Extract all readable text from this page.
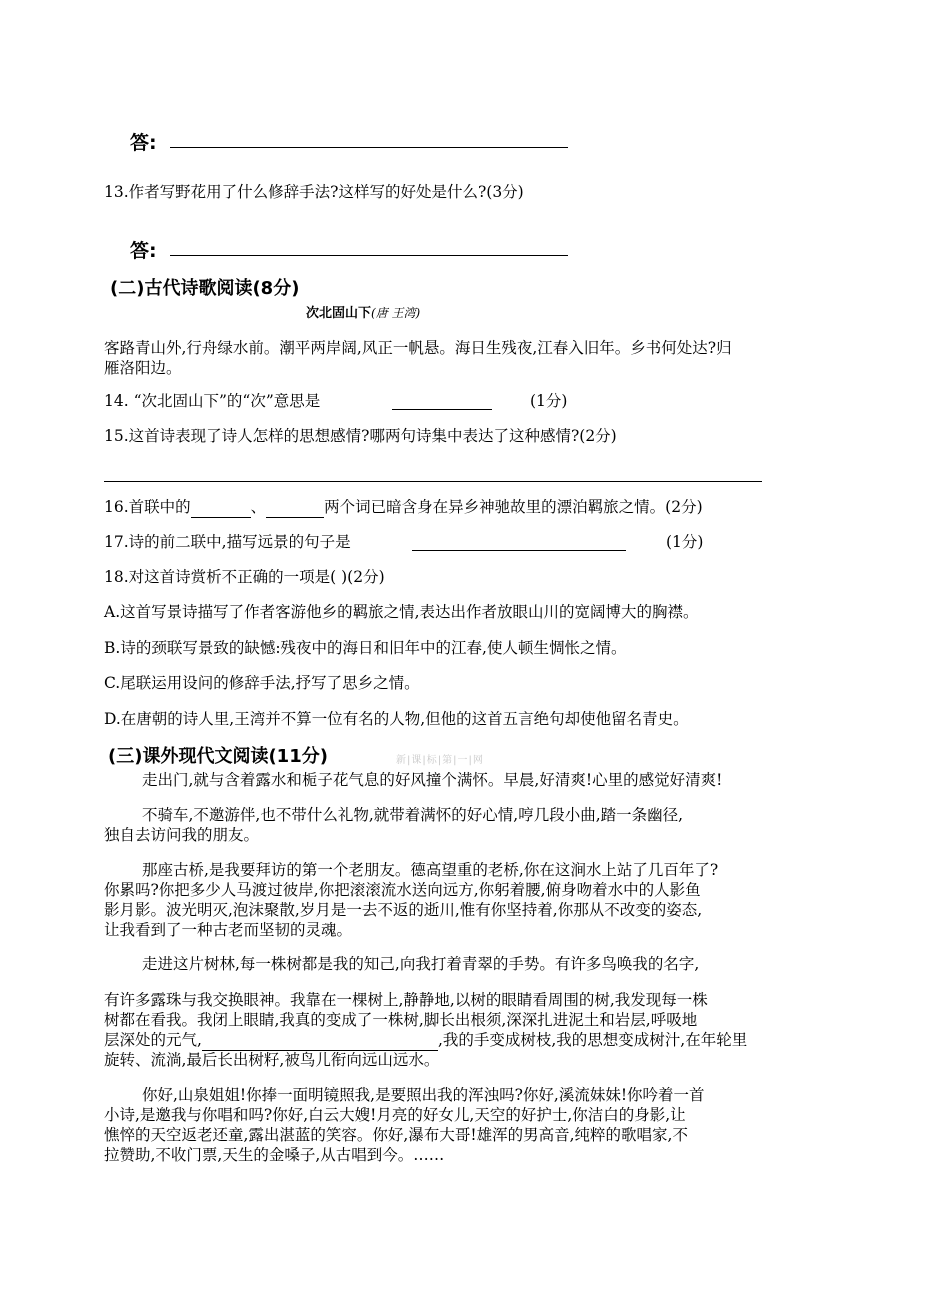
答:
13.作者写野花用了什么修辞手法?这样写的好处是什么?(3分)
答:
(二)古代诗歌阅读(8分)
次北固山下(唐 王湾)
客路青山外,行舟绿水前。潮平两岸阔,风正一帆悬。海日生残夜,江春入旧年。乡书何处达?归
雁洛阳边。
14. “次北固山下”的“次”意思是	(1分)
15.这首诗表现了诗人怎样的思想感情?哪两句诗集中表达了这种感情?(2分)
16.首联中的	、	两个词已暗含身在异乡神驰故里的漂泊羁旅之情。(2分)
17.诗的前二联中,描写远景的句子是	(1分)
18.对这首诗赏析不正确的一项是( )(2分)
A.这首写景诗描写了作者客游他乡的羁旅之情,表达出作者放眼山川的宽阔博大的胸襟。
B.诗的颈联写景致的缺憾:残夜中的海日和旧年中的江春,使人顿生惆怅之情。
C.尾联运用设问的修辞手法,抒写了思乡之情。
D.在唐朝的诗人里,王湾并不算一位有名的人物,但他的这首五言绝句却使他留名青史。
(三)课外现代文阅读(11分)	新|课|标|第|一|网
走出门,就与含着露水和栀子花气息的好风撞个满怀。早晨,好清爽!心里的感觉好清爽!
不骑车,不邀游伴,也不带什么礼物,就带着满怀的好心情,哼几段小曲,踏一条幽径,
独自去访问我的朋友。
那座古桥,是我要拜访的第一个老朋友。德高望重的老桥,你在这涧水上站了几百年了?
你累吗?你把多少人马渡过彼岸,你把滚滚流水送向远方,你躬着腰,俯身吻着水中的人影鱼
影月影。波光明灭,泡沫聚散,岁月是一去不返的逝川,惟有你坚持着,你那从不改变的姿态,
让我看到了一种古老而坚韧的灵魂。
走进这片树林,每一株树都是我的知己,向我打着青翠的手势。有许多鸟唤我的名字,
有许多露珠与我交换眼神。我靠在一棵树上,静静地,以树的眼睛看周围的树,我发现每一株
树都在看我。我闭上眼睛,我真的变成了一株树,脚长出根须,深深扎进泥土和岩层,呼吸地
层深处的元气,	,我的手变成树枝,我的思想变成树汁,在年轮里
旋转、流淌,最后长出树籽,被鸟儿衔向远山远水。
你好,山泉姐姐!你捧一面明镜照我,是要照出我的浑浊吗?你好,溪流妹妹!你吟着一首
小诗,是邀我与你唱和吗?你好,白云大嫂!月亮的好女儿,天空的好护士,你洁白的身影,让
憔悴的天空返老还童,露出湛蓝的笑容。你好,瀑布大哥!雄浑的男高音,纯粹的歌唱家,不
拉赞助,不收门票,天生的金嗓子,从古唱到今。……
